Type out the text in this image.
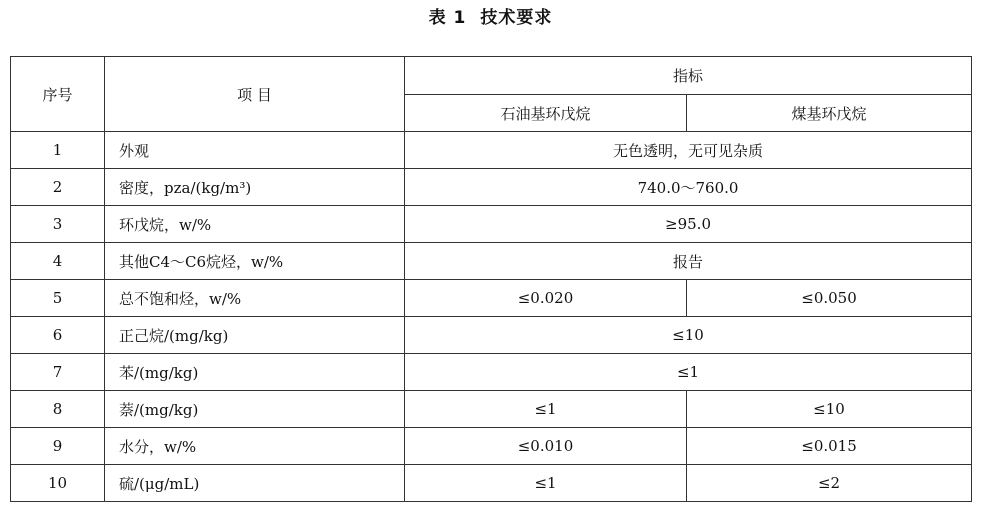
表 1 技术要求
序号	项 目	指标	
		石油基环戊烷	煤基环戊烷
1	外观	无色透明，无可见杂质	
2	密度，pza/(kg/m³)	740.0～760.0	
3	环戊烷，w/%	≥95.0	
4	其他C4～C6烷烃，w/%	报告	
5	总不饱和烃，w/%	≤0.020	≤0.050
6	正己烷/(mg/kg)	≤10	
7	苯/(mg/kg)	≤1	
8	萘/(mg/kg)	≤1	≤10
9	水分，w/%	≤0.010	≤0.015
10	硫/(μg/mL)	≤1	≤2
